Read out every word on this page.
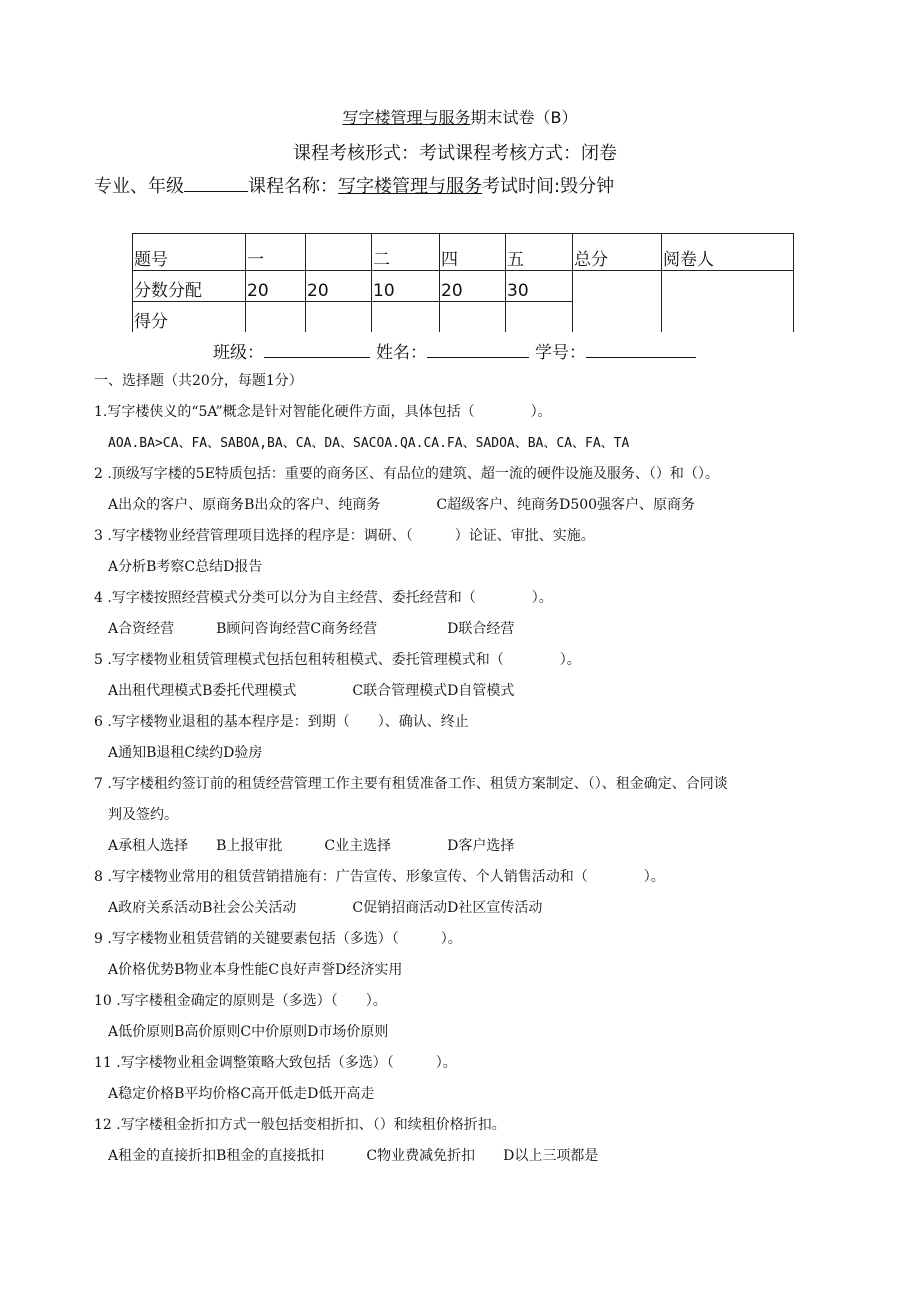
写字楼管理与服务期末试卷（B）
课程考核形式：考试课程考核方式：闭卷
专业、年级	课程名称：写字楼管理与服务考试时间:毁分钟
题号	一		二	四	五	总分	阅卷人
分数分配	20	20	10	20	30		
得分							
班级：	姓名：	学号：
一、选择题（共20分，每题1分）
1.写字楼侠义的“5A”概念是针对智能化硬件方面，具体包括（　　　　）。
AOA.BA>CA、FA、SABOA,BA、CA、DA、SACOA.QA.CA.FA、SADOA、BA、CA、FA、TA
2 .顶级写字楼的5E特质包括：重要的商务区、有品位的建筑、超一流的硬件设施及服务、（）和（）。
A出众的客户、原商务B出众的客户、纯商务　　　　C超级客户、纯商务D500强客户、原商务
3 .写字楼物业经营管理项目选择的程序是：调研、（　　　）论证、审批、实施。
A分析B考察C总结D报告
4 .写字楼按照经营模式分类可以分为自主经营、委托经营和（　　　　）。
A合资经营　　　B顾问咨询经营C商务经营　　　　　D联合经营
5 .写字楼物业租赁管理模式包括包租转租模式、委托管理模式和（　　　　）。
A出租代理模式B委托代理模式　　　　C联合管理模式D自管模式
6 .写字楼物业退租的基本程序是：到期（　　）、确认、终止
A通知B退租C续约D验房
7 .写字楼租约签订前的租赁经营管理工作主要有租赁准备工作、租赁方案制定、（）、租金确定、合同谈
判及签约。
A承租人选择　　B上报审批　　　C业主选择　　　　D客户选择
8 .写字楼物业常用的租赁营销措施有：广告宣传、形象宣传、个人销售活动和（　　　　）。
A政府关系活动B社会公关活动　　　　C促销招商活动D社区宣传活动
9 .写字楼物业租赁营销的关键要素包括（多选）（　　　）。
A价格优势B物业本身性能C良好声誉D经济实用
10 .写字楼租金确定的原则是（多选）（　　）。
A低价原则B高价原则C中价原则D市场价原则
11 .写字楼物业租金调整策略大致包括（多选）（　　　）。
A稳定价格B平均价格C高开低走D低开高走
12 .写字楼租金折扣方式一般包括变相折扣、（）和续租价格折扣。
A租金的直接折扣B租金的直接抵扣　　　C物业费减免折扣　　D以上三项都是
